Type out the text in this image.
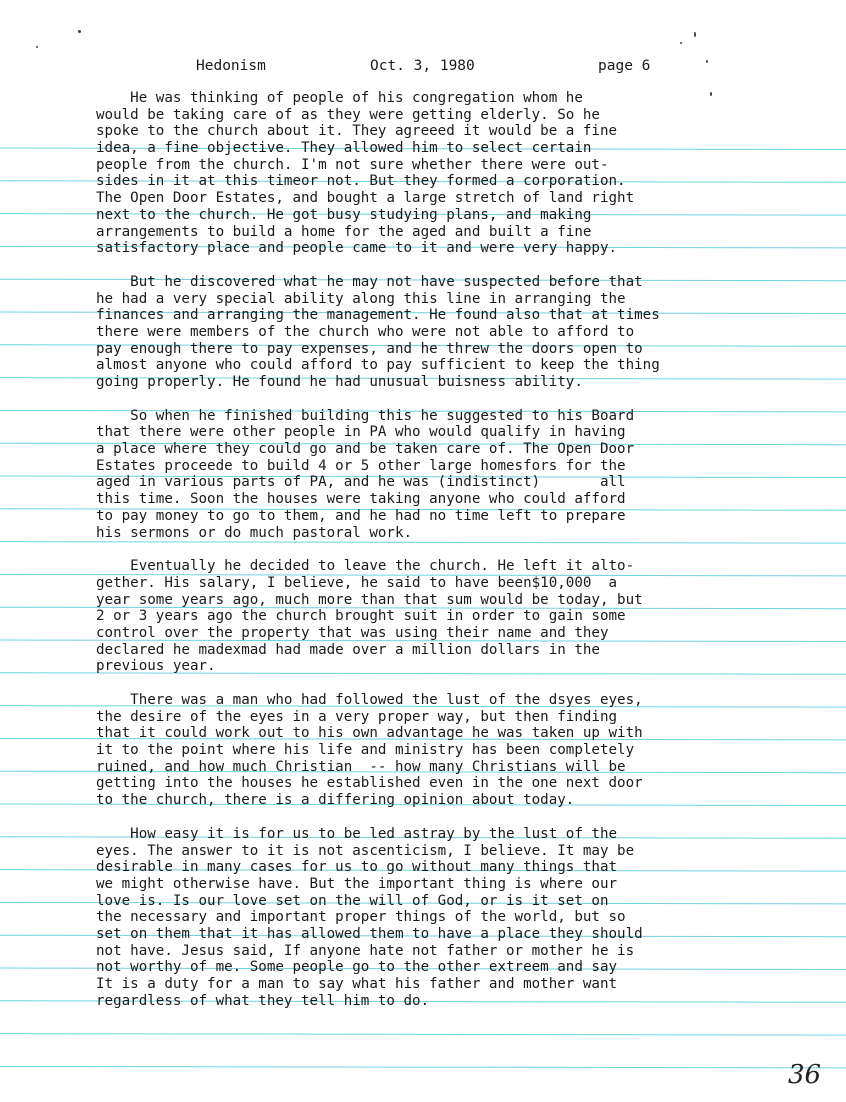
Hedonism	Oct. 3, 1980	page 6
He was thinking of people of his congregation whom he
would be taking care of as they were getting elderly. So he
spoke to the church about it. They agreeed it would be a fine
idea, a fine objective. They allowed him to select certain
people from the church. I'm not sure whether there were out-
sides in it at this timeor not. But they formed a corporation.
The Open Door Estates, and bought a large stretch of land right
next to the church. He got busy studying plans, and making
arrangements to build a home for the aged and built a fine
satisfactory place and people came to it and were very happy.
But he discovered what he may not have suspected before that
he had a very special ability along this line in arranging the
finances and arranging the management. He found also that at times
there were members of the church who were not able to afford to
pay enough there to pay expenses, and he threw the doors open to
almost anyone who could afford to pay sufficient to keep the thing
going properly. He found he had unusual buisness ability.
So when he finished building this he suggested to his Board
that there were other people in PA who would qualify in having
a place where they could go and be taken care of. The Open Door
Estates proceede to build 4 or 5 other large homesfors for the
aged in various parts of PA, and he was (indistinct)       all
this time. Soon the houses were taking anyone who could afford
to pay money to go to them, and he had no time left to prepare
his sermons or do much pastoral work.
Eventually he decided to leave the church. He left it alto-
gether. His salary, I believe, he said to have been$10,000  a
year some years ago, much more than that sum would be today, but
2 or 3 years ago the church brought suit in order to gain some
control over the property that was using their name and they
declared he madexmad had made over a million dollars in the
previous year.
There was a man who had followed the lust of the dsyes eyes,
the desire of the eyes in a very proper way, but then finding
that it could work out to his own advantage he was taken up with
it to the point where his life and ministry has been completely
ruined, and how much Christian  -- how many Christians will be
getting into the houses he established even in the one next door
to the church, there is a differing opinion about today.
How easy it is for us to be led astray by the lust of the
eyes. The answer to it is not ascenticism, I believe. It may be
desirable in many cases for us to go without many things that
we might otherwise have. But the important thing is where our
love is. Is our love set on the will of God, or is it set on
the necessary and important proper things of the world, but so
set on them that it has allowed them to have a place they should
not have. Jesus said, If anyone hate not father or mother he is
not worthy of me. Some people go to the other extreem and say
It is a duty for a man to say what his father and mother want
regardless of what they tell him to do.
36
